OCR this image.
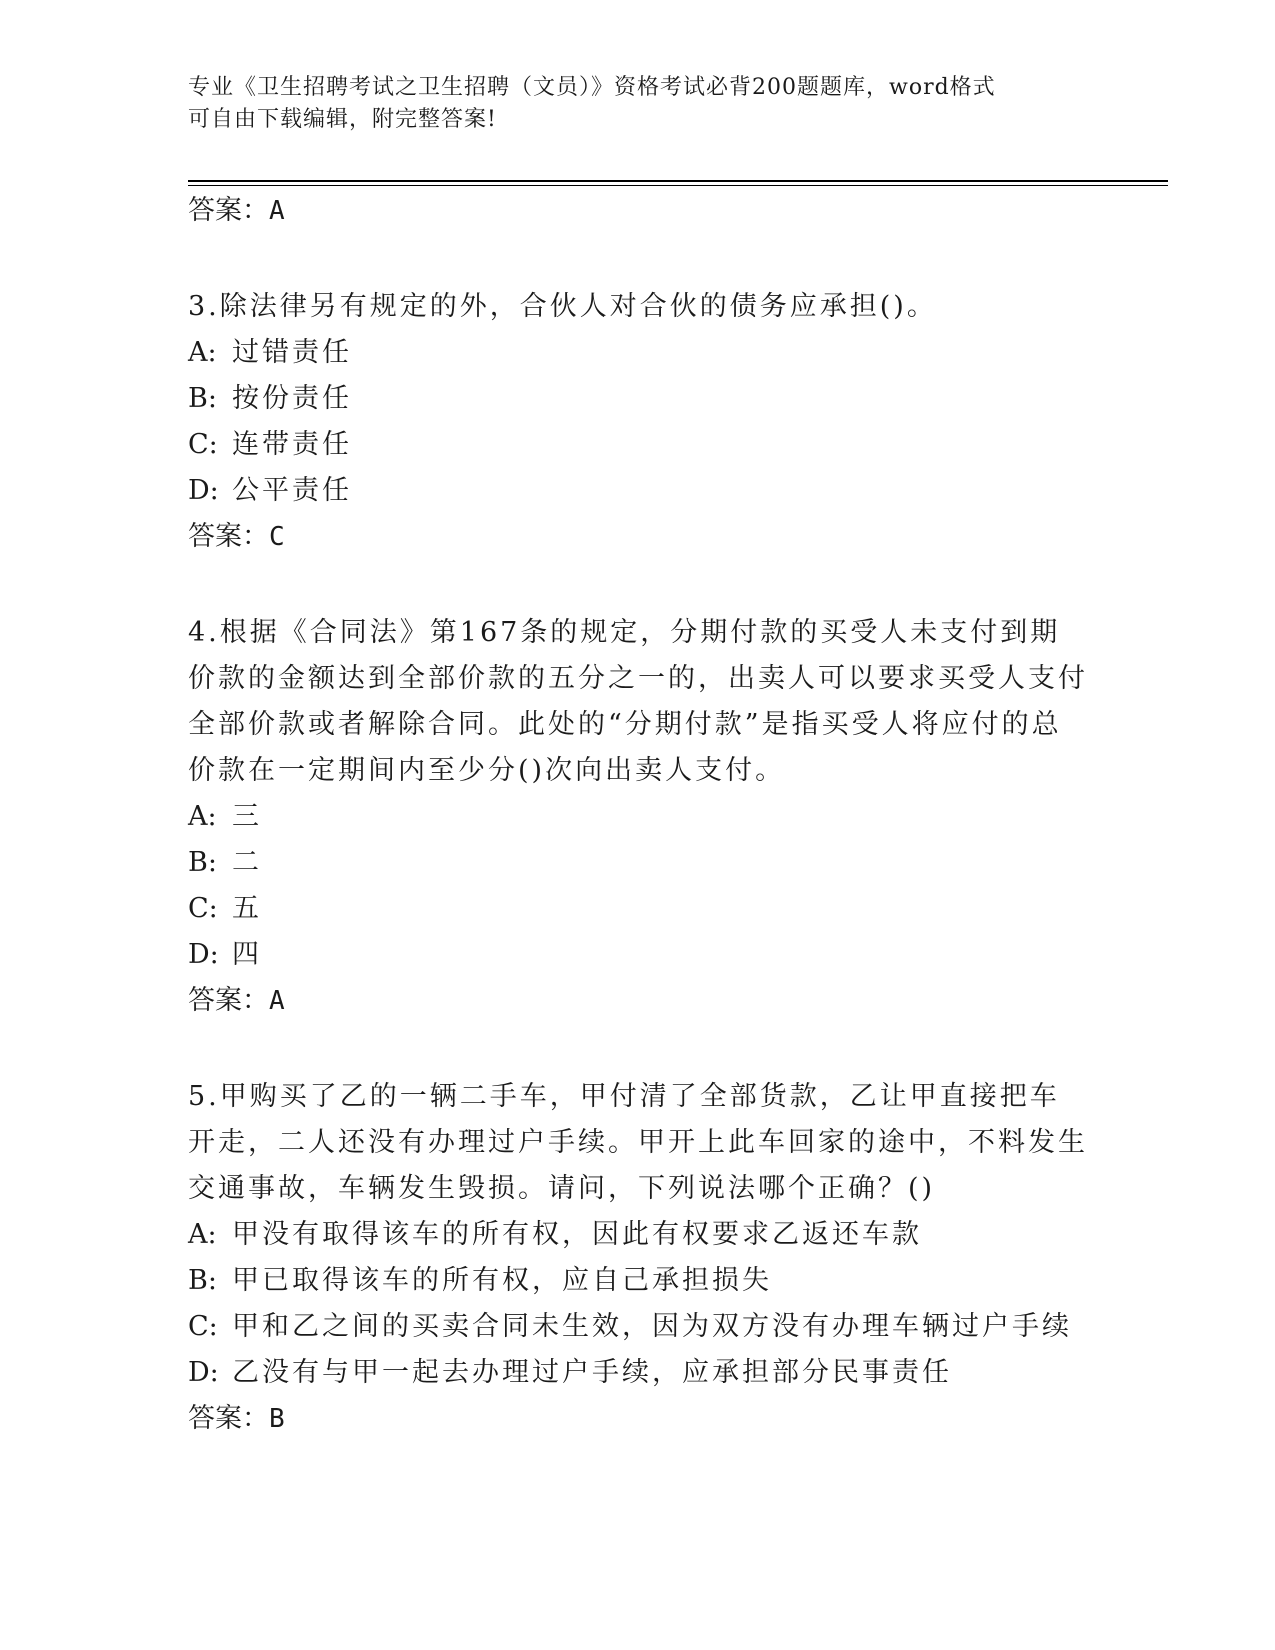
专业《卫生招聘考试之卫生招聘（文员）》资格考试必背200题题库，word格式
可自由下载编辑，附完整答案!
答案：A
3.除法律另有规定的外，合伙人对合伙的债务应承担()。
A: 过错责任
B: 按份责任
C: 连带责任
D: 公平责任
答案：C
4.根据《合同法》第167条的规定，分期付款的买受人未支付到期价款的金额达到全部价款的五分之一的，出卖人可以要求买受人支付全部价款或者解除合同。此处的“分期付款”是指买受人将应付的总价款在一定期间内至少分()次向出卖人支付。
A: 三
B: 二
C: 五
D: 四
答案：A
5.甲购买了乙的一辆二手车，甲付清了全部货款，乙让甲直接把车开走，二人还没有办理过户手续。甲开上此车回家的途中，不料发生交通事故，车辆发生毁损。请问，下列说法哪个正确？()
A: 甲没有取得该车的所有权，因此有权要求乙返还车款
B: 甲已取得该车的所有权，应自己承担损失
C: 甲和乙之间的买卖合同未生效，因为双方没有办理车辆过户手续
D: 乙没有与甲一起去办理过户手续，应承担部分民事责任
答案：B
